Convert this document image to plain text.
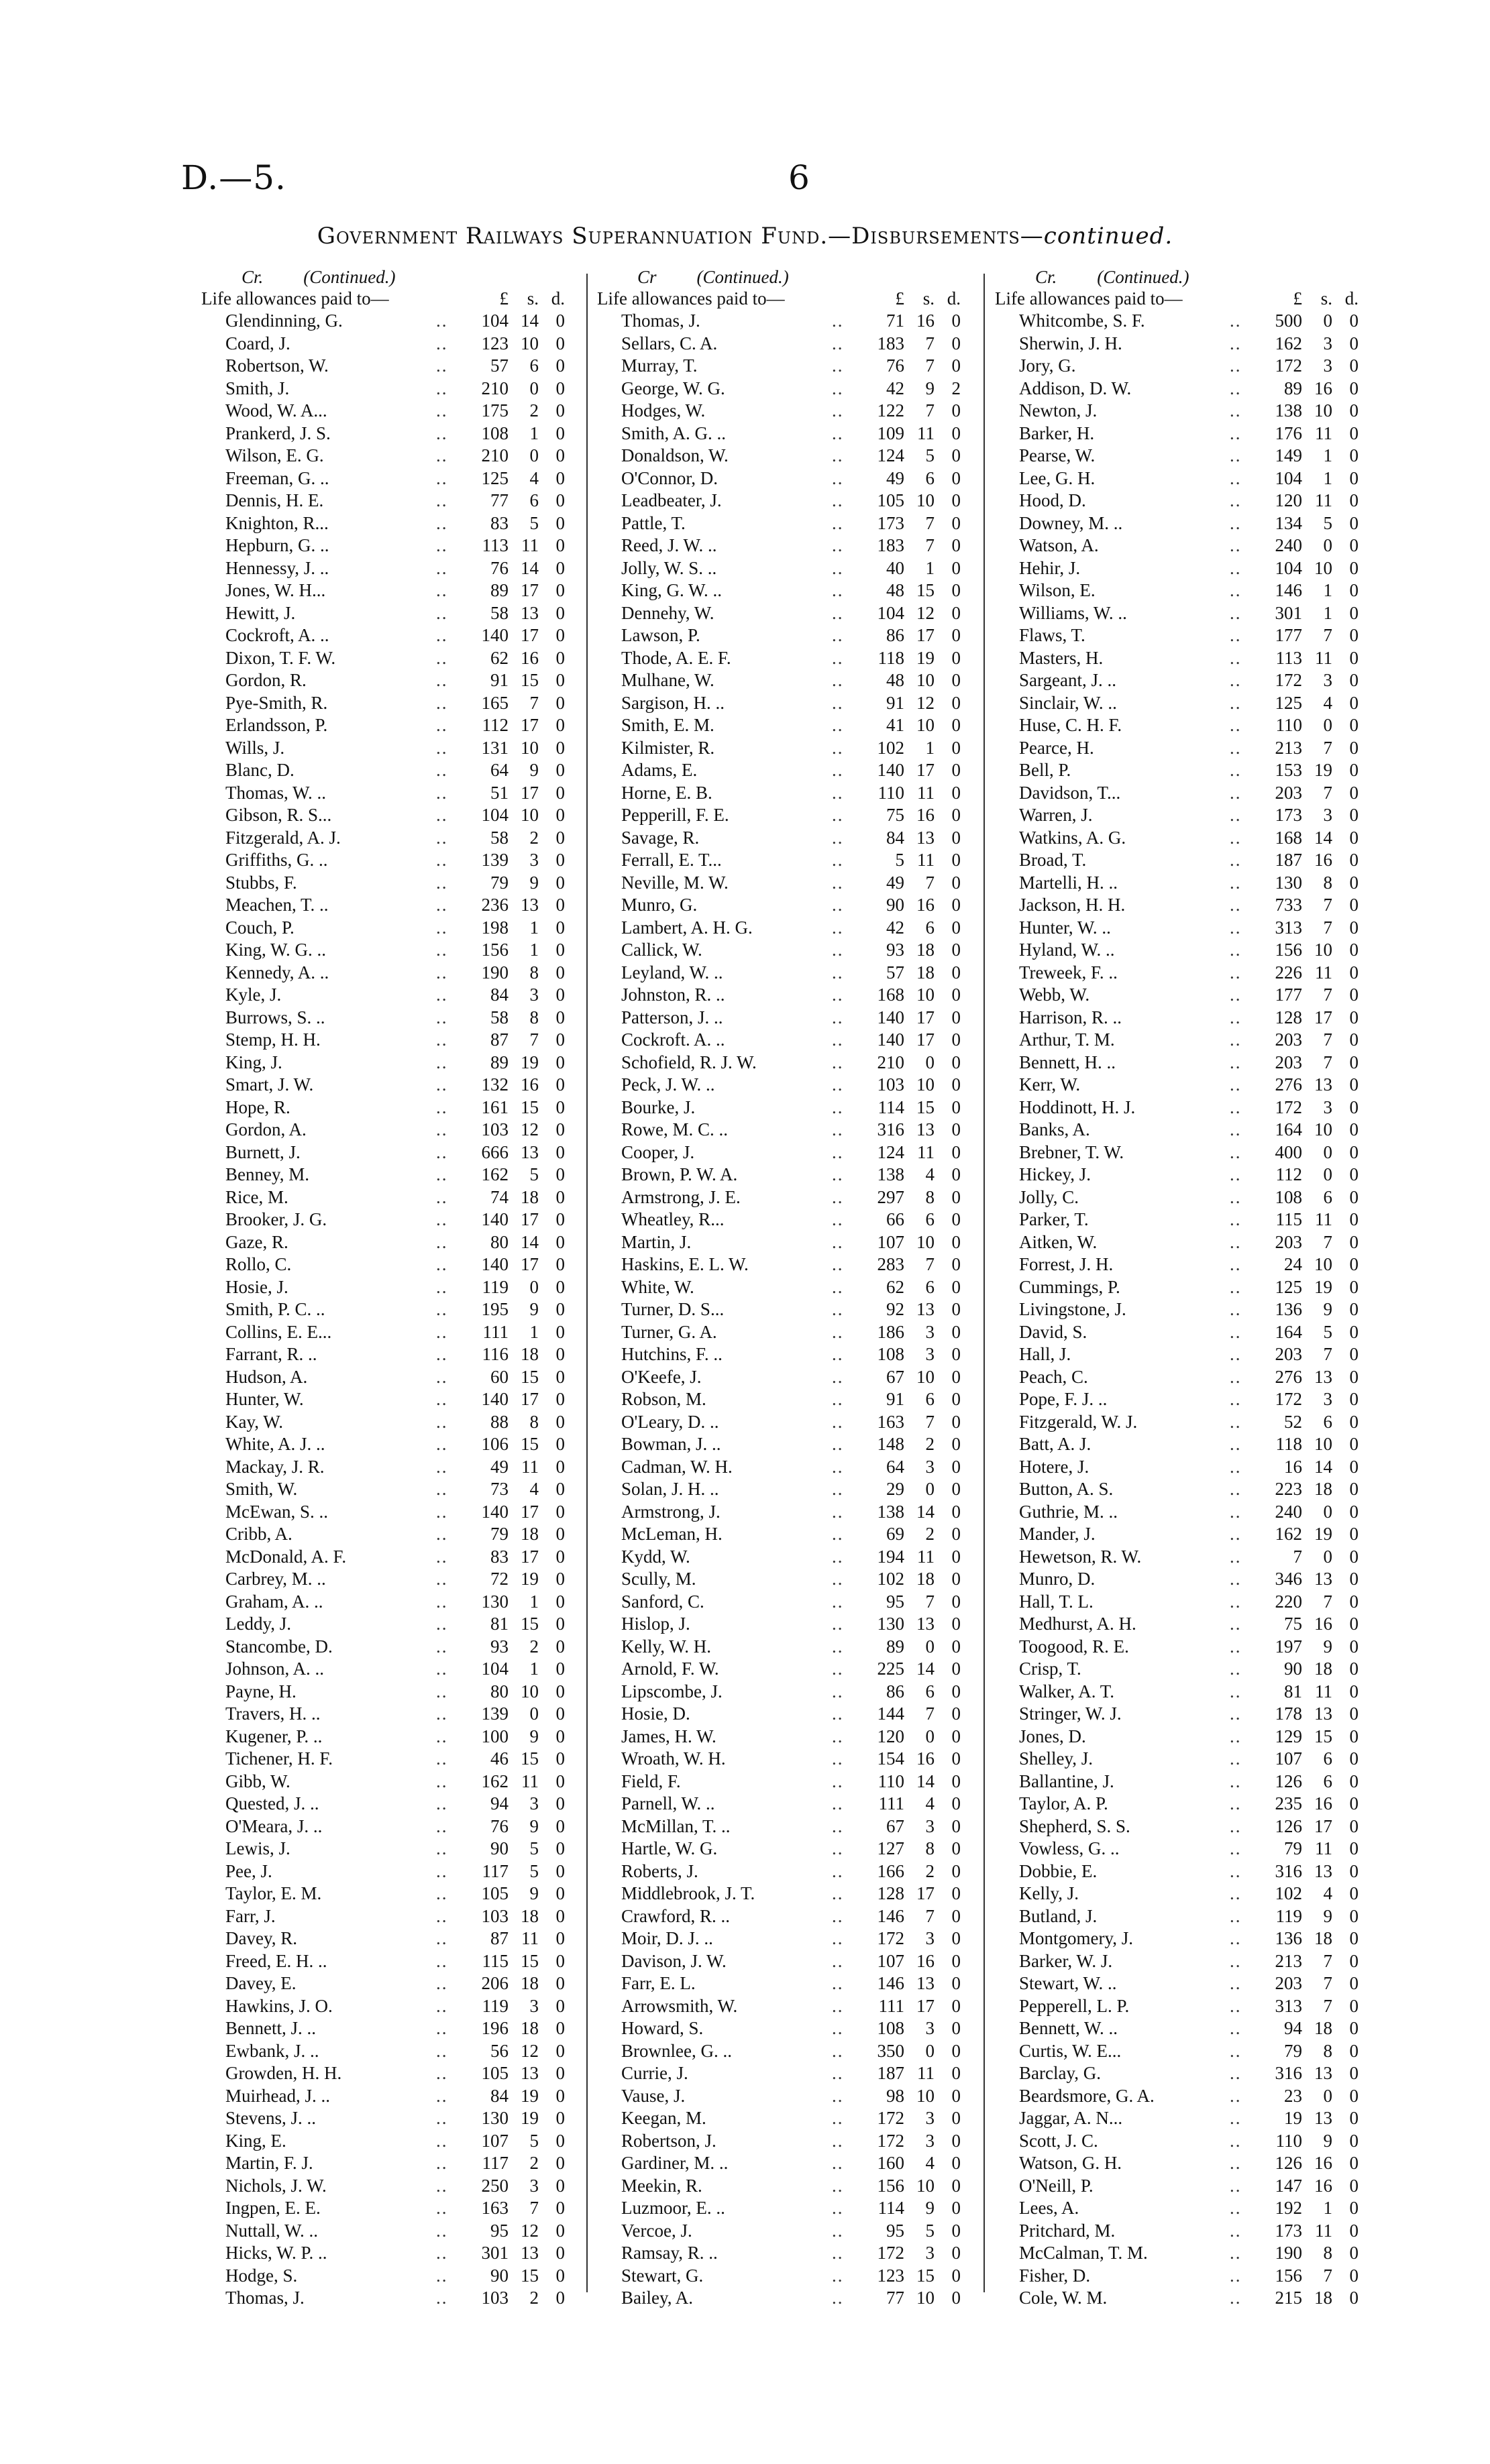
D.—5.	6
Government Railways Superannuation Fund.—Disbursements—continued.
Cr. (Continued.)
Life allowances paid to—	£	s. d.
Glendinning, G.	..	104 14 0
Coard, J.	..	123 10 0
Robertson, W.	..	57	6 0
Smith, J.	..	210	0 0
Wood, W. A...	..	175	2 0
Prankerd, J. S.	..	108	1 0
Wilson, E. G.	..	210	0 0
Freeman, G. ..	..	125	4 0
Dennis, H. E.	..	77	6 0
Knighton, R...	..	83	5 0
Hepburn, G. ..	..	113 11 0
Hennessy, J. ..	..	76 14 0
Jones, W. H...	..	89 17 0
Hewitt, J.	..	58 13 0
Cockroft, A. ..	..	140 17 0
Dixon, T. F. W.	..	62 16 0
Gordon, R.	..	91 15 0
Pye-Smith, R.	..	165	7 0
Erlandsson, P.	..	112 17 0
Wills, J.	..	131 10 0
Blanc, D.	..	64	9 0
Thomas, W. ..	..	51 17 0
Gibson, R. S...	..	104 10 0
Fitzgerald, A. J.	..	58	2 0
Griffiths, G. ..	..	139	3 0
Stubbs, F.	..	79	9 0
Meachen, T. ..	..	236 13 0
Couch, P.	..	198	1 0
King, W. G. ..	..	156	1 0
Kennedy, A. ..	..	190	8 0
Kyle, J.	..	84	3 0
Burrows, S. ..	..	58	8 0
Stemp, H. H.	..	87	7 0
King, J.	..	89 19 0
Smart, J. W.	..	132 16 0
Hope, R.	..	161 15 0
Gordon, A.	..	103 12 0
Burnett, J.	..	666 13 0
Benney, M.	..	162	5 0
Rice, M.	..	74 18 0
Brooker, J. G.	..	140 17 0
Gaze, R.	..	80 14 0
Rollo, C.	..	140 17 0
Hosie, J.	..	119	0 0
Smith, P. C. ..	..	195	9 0
Collins, E. E...	..	111	1 0
Farrant, R. ..	..	116 18 0
Hudson, A.	..	60 15 0
Hunter, W.	..	140 17 0
Kay, W.	..	88	8 0
White, A. J. ..	..	106 15 0
Mackay, J. R.	..	49 11 0
Smith, W.	..	73	4 0
McEwan, S. ..	..	140 17 0
Cribb, A.	..	79 18 0
McDonald, A. F.	..	83 17 0
Carbrey, M. ..	..	72 19 0
Graham, A. ..	..	130	1 0
Leddy, J.	..	81 15 0
Stancombe, D.	..	93	2 0
Johnson, A. ..	..	104	1 0
Payne, H.	..	80 10 0
Travers, H. ..	..	139	0 0
Kugener, P. ..	..	100	9 0
Tichener, H. F.	..	46 15 0
Gibb, W.	..	162 11 0
Quested, J. ..	..	94	3 0
O'Meara, J. ..	..	76	9 0
Lewis, J.	..	90	5 0
Pee, J.	..	117	5 0
Taylor, E. M.	..	105	9 0
Farr, J.	..	103 18 0
Davey, R.	..	87 11 0
Freed, E. H. ..	..	115 15 0
Davey, E.	..	206 18 0
Hawkins, J. O.	..	119	3 0
Bennett, J. ..	..	196 18 0
Ewbank, J. ..	..	56 12 0
Growden, H. H.	..	105 13 0
Muirhead, J. ..	..	84 19 0
Stevens, J. ..	..	130 19 0
King, E.	..	107	5 0
Martin, F. J.	..	117	2 0
Nichols, J. W.	..	250	3 0
Ingpen, E. E.	..	163	7 0
Nuttall, W. ..	..	95 12 0
Hicks, W. P. ..	..	301 13 0
Hodge, S.	..	90 15 0
Thomas, J.	..	103	2 0
Cr (Continued.)
Life allowances paid to—	£	s. d.
Thomas, J.	..	71 16 0
Sellars, C. A.	..	183	7 0
Murray, T.	..	76	7 0
George, W. G.	..	42	9 2
Hodges, W.	..	122	7 0
Smith, A. G. ..	..	109 11 0
Donaldson, W.	..	124	5 0
O'Connor, D.	..	49	6 0
Leadbeater, J.	..	105 10 0
Pattle, T.	..	173	7 0
Reed, J. W. ..	..	183	7 0
Jolly, W. S. ..	..	40	1 0
King, G. W. ..	..	48 15 0
Dennehy, W.	..	104 12 0
Lawson, P.	..	86 17 0
Thode, A. E. F.	..	118 19 0
Mulhane, W.	..	48 10 0
Sargison, H. ..	..	91 12 0
Smith, E. M.	..	41 10 0
Kilmister, R.	..	102	1 0
Adams, E.	..	140 17 0
Horne, E. B.	..	110 11 0
Pepperill, F. E.	..	75 16 0
Savage, R.	..	84 13 0
Ferrall, E. T...	..	5 11 0
Neville, M. W.	..	49	7 0
Munro, G.	..	90 16 0
Lambert, A. H. G.	..	42	6 0
Callick, W.	..	93 18 0
Leyland, W. ..	..	57 18 0
Johnston, R. ..	..	168 10 0
Patterson, J. ..	..	140 17 0
Cockroft. A. ..	..	140 17 0
Schofield, R. J. W.	..	210	0 0
Peck, J. W. ..	..	103 10 0
Bourke, J.	..	114 15 0
Rowe, M. C. ..	..	316 13 0
Cooper, J.	..	124 11 0
Brown, P. W. A.	..	138	4 0
Armstrong, J. E.	..	297	8 0
Wheatley, R...	..	66	6 0
Martin, J.	..	107 10 0
Haskins, E. L. W.	..	283	7 0
White, W.	..	62	6 0
Turner, D. S...	..	92 13 0
Turner, G. A.	..	186	3 0
Hutchins, F. ..	..	108	3 0
O'Keefe, J.	..	67 10 0
Robson, M.	..	91	6 0
O'Leary, D. ..	..	163	7 0
Bowman, J. ..	..	148	2 0
Cadman, W. H.	..	64	3 0
Solan, J. H. ..	..	29	0 0
Armstrong, J.	..	138 14 0
McLeman, H.	..	69	2 0
Kydd, W.	..	194 11 0
Scully, M.	..	102 18 0
Sanford, C.	..	95	7 0
Hislop, J.	..	130 13 0
Kelly, W. H.	..	89	0 0
Arnold, F. W.	..	225 14 0
Lipscombe, J.	..	86	6 0
Hosie, D.	..	144	7 0
James, H. W.	..	120	0 0
Wroath, W. H.	..	154 16 0
Field, F.	..	110 14 0
Parnell, W. ..	..	111	4 0
McMillan, T. ..	..	67	3 0
Hartle, W. G.	..	127	8 0
Roberts, J.	..	166	2 0
Middlebrook, J. T.	..	128 17 0
Crawford, R. ..	..	146	7 0
Moir, D. J. ..	..	172	3 0
Davison, J. W.	..	107 16 0
Farr, E. L.	..	146 13 0
Arrowsmith, W.	..	111 17 0
Howard, S.	..	108	3 0
Brownlee, G. ..	..	350	0 0
Currie, J.	..	187 11 0
Vause, J.	..	98 10 0
Keegan, M.	..	172	3 0
Robertson, J.	..	172	3 0
Gardiner, M. ..	..	160	4 0
Meekin, R.	..	156 10 0
Luzmoor, E. ..	..	114	9 0
Vercoe, J.	..	95	5 0
Ramsay, R. ..	..	172	3 0
Stewart, G.	..	123 15 0
Bailey, A.	..	77 10 0
Cr. (Continued.)
Life allowances paid to—	£	s. d.
Whitcombe, S. F.	..	500	0 0
Sherwin, J. H.	..	162	3 0
Jory, G.	..	172	3 0
Addison, D. W.	..	89 16 0
Newton, J.	..	138 10 0
Barker, H.	..	176 11 0
Pearse, W.	..	149	1 0
Lee, G. H.	..	104	1 0
Hood, D.	..	120 11 0
Downey, M. ..	..	134	5 0
Watson, A.	..	240	0 0
Hehir, J.	..	104 10 0
Wilson, E.	..	146	1 0
Williams, W. ..	..	301	1 0
Flaws, T.	..	177	7 0
Masters, H.	..	113 11 0
Sargeant, J. ..	..	172	3 0
Sinclair, W. ..	..	125	4 0
Huse, C. H. F.	..	110	0 0
Pearce, H.	..	213	7 0
Bell, P.	..	153 19 0
Davidson, T...	..	203	7 0
Warren, J.	..	173	3 0
Watkins, A. G.	..	168 14 0
Broad, T.	..	187 16 0
Martelli, H. ..	..	130	8 0
Jackson, H. H.	..	733	7 0
Hunter, W. ..	..	313	7 0
Hyland, W. ..	..	156 10 0
Treweek, F. ..	..	226 11 0
Webb, W.	..	177	7 0
Harrison, R. ..	..	128 17 0
Arthur, T. M.	..	203	7 0
Bennett, H. ..	..	203	7 0
Kerr, W.	..	276 13 0
Hoddinott, H. J.	..	172	3 0
Banks, A.	..	164 10 0
Brebner, T. W.	..	400	0 0
Hickey, J.	..	112	0 0
Jolly, C.	..	108	6 0
Parker, T.	..	115 11 0
Aitken, W.	..	203	7 0
Forrest, J. H.	..	24 10 0
Cummings, P.	..	125 19 0
Livingstone, J.	..	136	9 0
David, S.	..	164	5 0
Hall, J.	..	203	7 0
Peach, C.	..	276 13 0
Pope, F. J. ..	..	172	3 0
Fitzgerald, W. J.	..	52	6 0
Batt, A. J.	..	118 10 0
Hotere, J.	..	16 14 0
Button, A. S.	..	223 18 0
Guthrie, M. ..	..	240	0 0
Mander, J.	..	162 19 0
Hewetson, R. W.	..	7	0 0
Munro, D.	..	346 13 0
Hall, T. L.	..	220	7 0
Medhurst, A. H.	..	75 16 0
Toogood, R. E.	..	197	9 0
Crisp, T.	..	90 18 0
Walker, A. T.	..	81 11 0
Stringer, W. J.	..	178 13 0
Jones, D.	..	129 15 0
Shelley, J.	..	107	6 0
Ballantine, J.	..	126	6 0
Taylor, A. P.	..	235 16 0
Shepherd, S. S.	..	126 17 0
Vowless, G. ..	..	79 11 0
Dobbie, E.	..	316 13 0
Kelly, J.	..	102	4 0
Butland, J.	..	119	9 0
Montgomery, J.	..	136 18 0
Barker, W. J.	..	213	7 0
Stewart, W. ..	..	203	7 0
Pepperell, L. P.	..	313	7 0
Bennett, W. ..	..	94 18 0
Curtis, W. E...	..	79	8 0
Barclay, G.	..	316 13 0
Beardsmore, G. A.	..	23	0 0
Jaggar, A. N...	..	19 13 0
Scott, J. C.	..	110	9 0
Watson, G. H.	..	126 16 0
O'Neill, P.	..	147 16 0
Lees, A.	..	192	1 0
Pritchard, M.	..	173 11 0
McCalman, T. M.	..	190	8 0
Fisher, D.	..	156	7 0
Cole, W. M.	..	215 18 0
